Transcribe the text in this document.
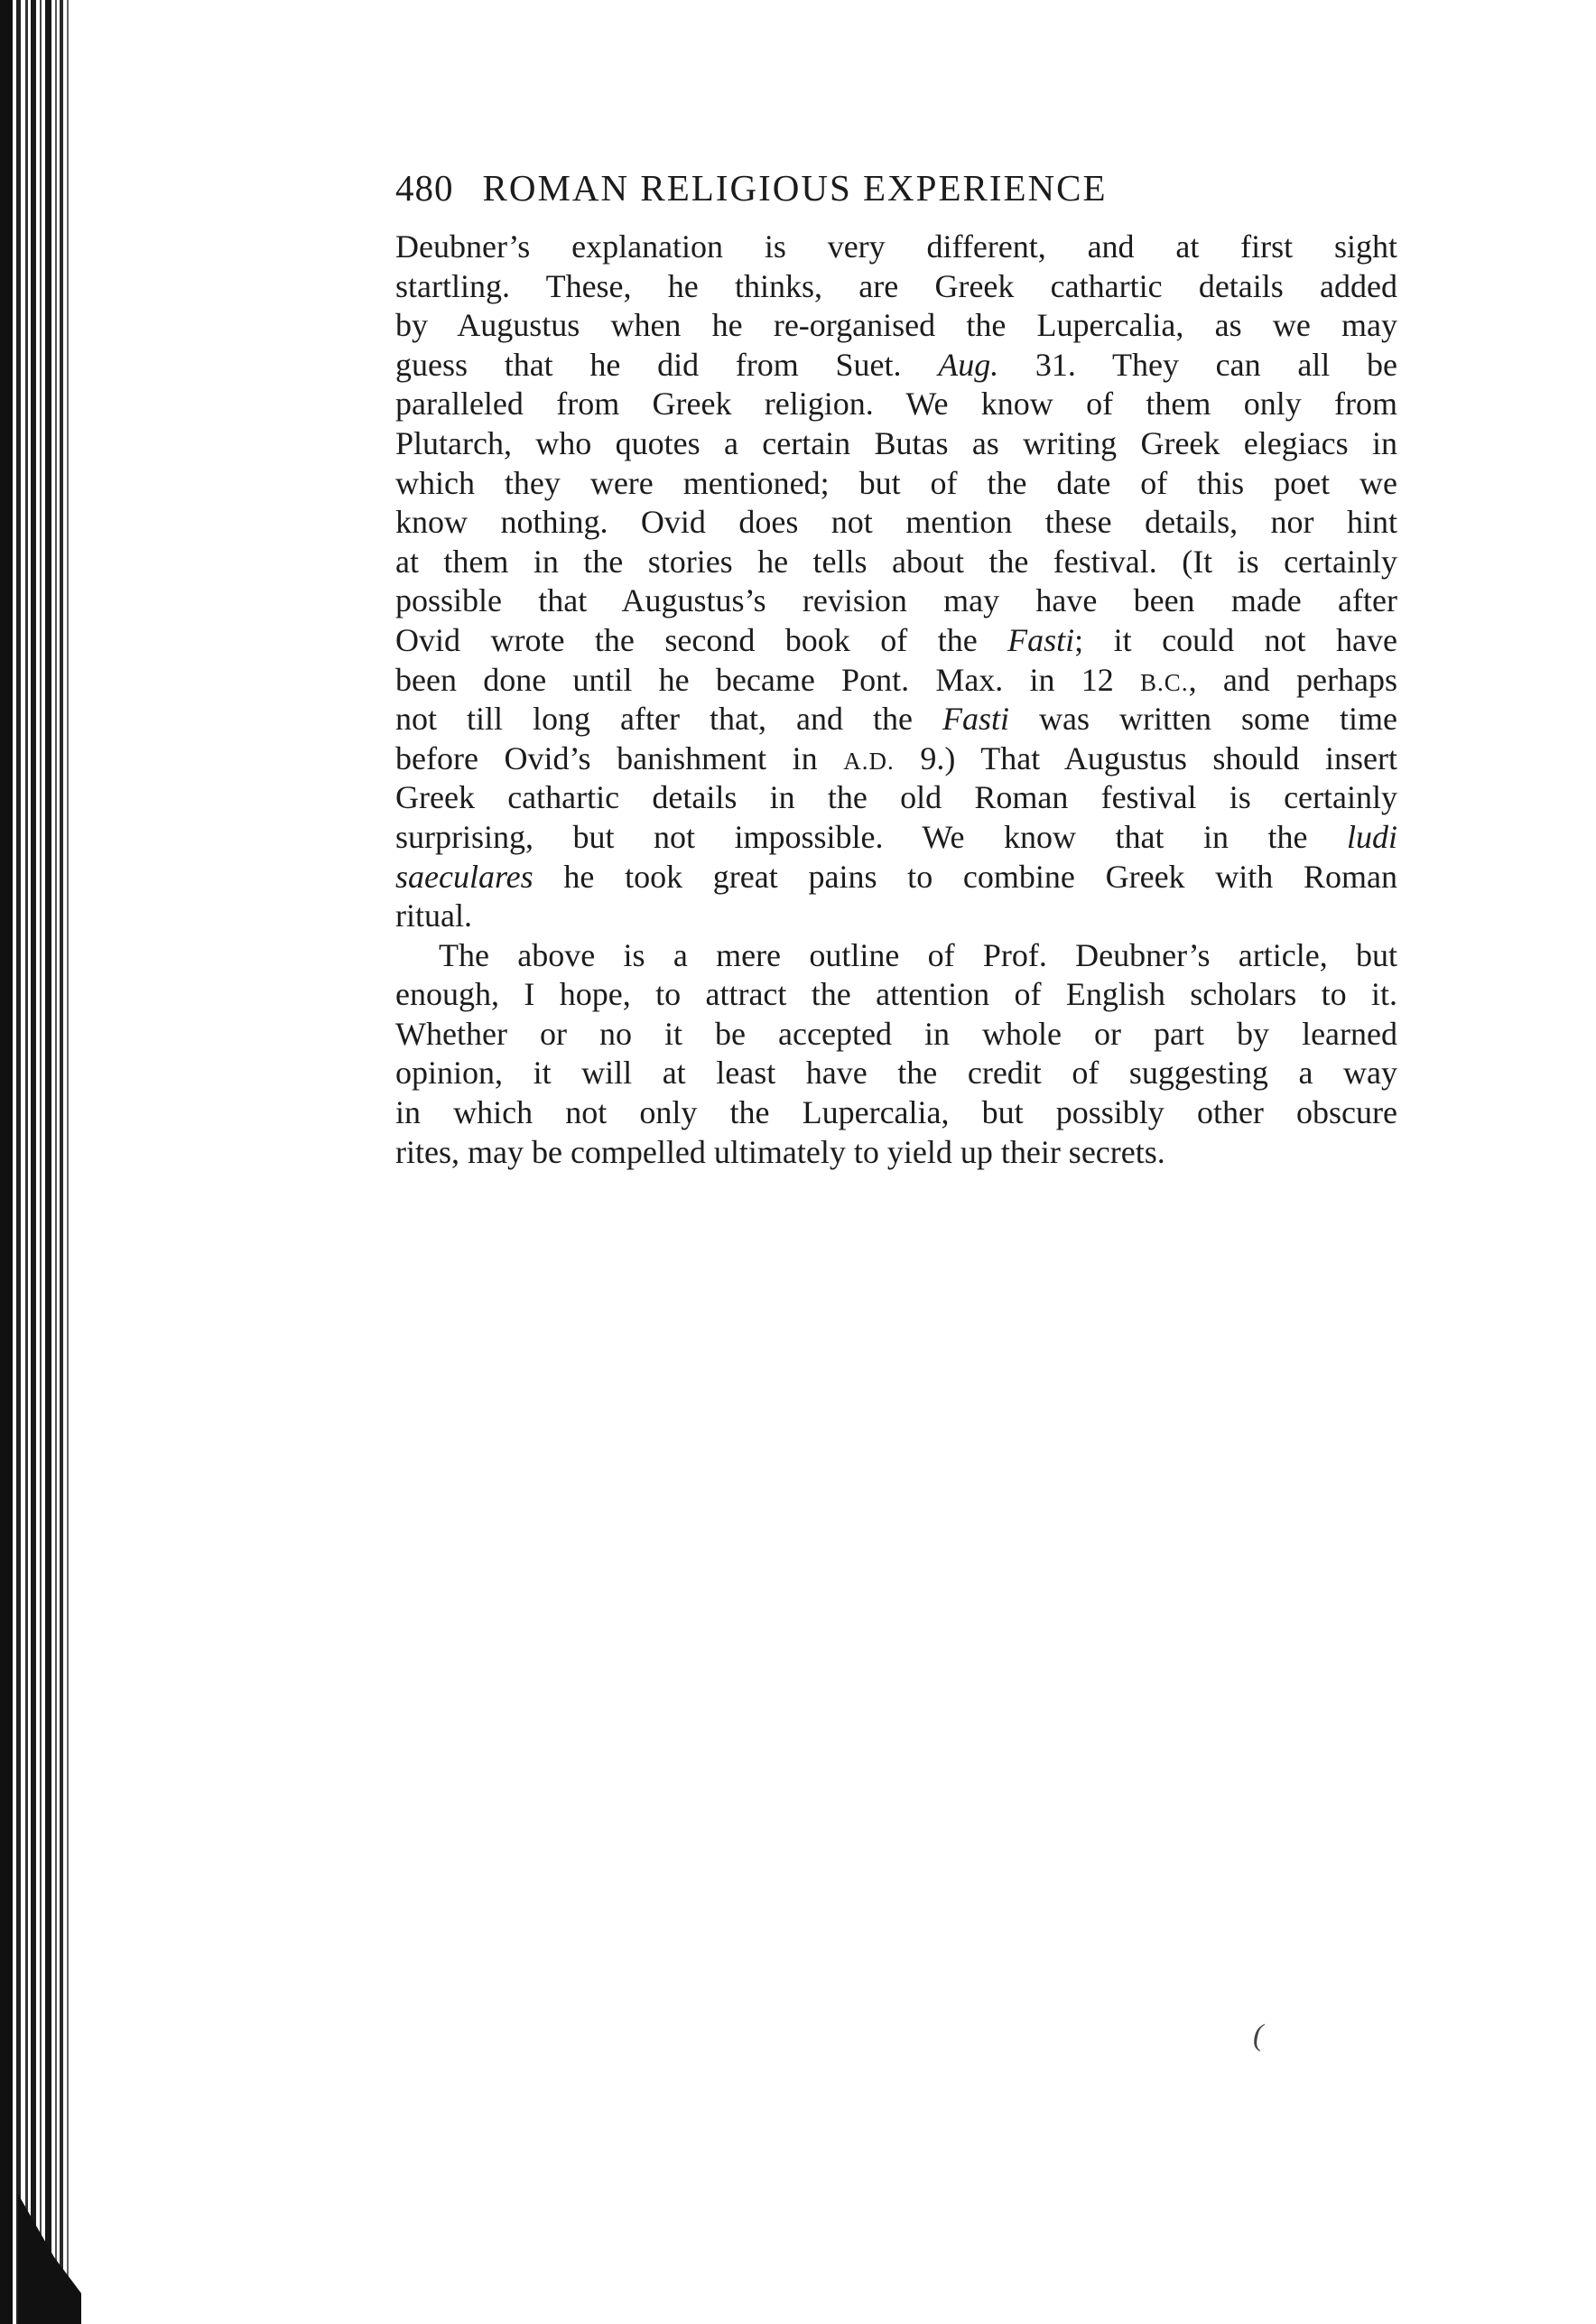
480 ROMAN RELIGIOUS EXPERIENCE
Deubner’s explanation is very different, and at first sight
startling. These, he thinks, are Greek cathartic details added
by Augustus when he re-organised the Lupercalia, as we may
guess that he did from Suet. Aug. 31. They can all be
paralleled from Greek religion. We know of them only from
Plutarch, who quotes a certain Butas as writing Greek elegiacs in
which they were mentioned; but of the date of this poet we
know nothing. Ovid does not mention these details, nor hint
at them in the stories he tells about the festival. (It is certainly
possible that Augustus’s revision may have been made after
Ovid wrote the second book of the Fasti; it could not have
been done until he became Pont. Max. in 12 B.C., and perhaps
not till long after that, and the Fasti was written some time
before Ovid’s banishment in A.D. 9.) That Augustus should insert
Greek cathartic details in the old Roman festival is certainly
surprising, but not impossible. We know that in the ludi
saeculares he took great pains to combine Greek with Roman
ritual.
The above is a mere outline of Prof. Deubner’s article, but
enough, I hope, to attract the attention of English scholars to it.
Whether or no it be accepted in whole or part by learned
opinion, it will at least have the credit of suggesting a way
in which not only the Lupercalia, but possibly other obscure
rites, may be compelled ultimately to yield up their secrets.
(
